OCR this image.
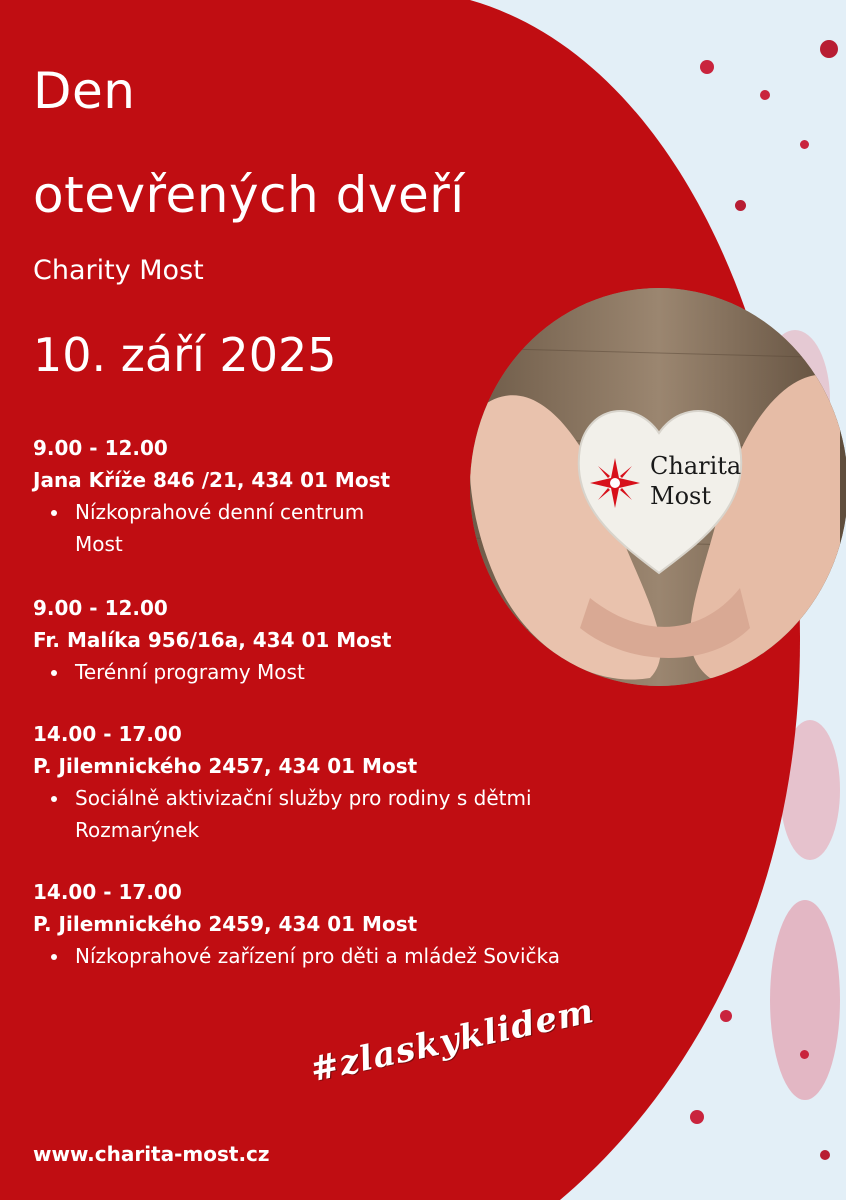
Den
otevřených dveří
Charity Most
10. září 2025
Charita
Most
9.00 - 12.00
Jana Kříže 846 /21, 434 01 Most
Nízkoprahové denní centrum
Most
9.00 - 12.00
Fr. Malíka 956/16a, 434 01 Most
Terénní programy Most
14.00 - 17.00
P. Jilemnického 2457, 434 01 Most
Sociálně aktivizační služby pro rodiny s dětmi
Rozmarýnek
14.00 - 17.00
P. Jilemnického 2459, 434 01 Most
Nízkoprahové zařízení pro děti a mládež Sovička
#zlaskyklidem
www.charita-most.cz
